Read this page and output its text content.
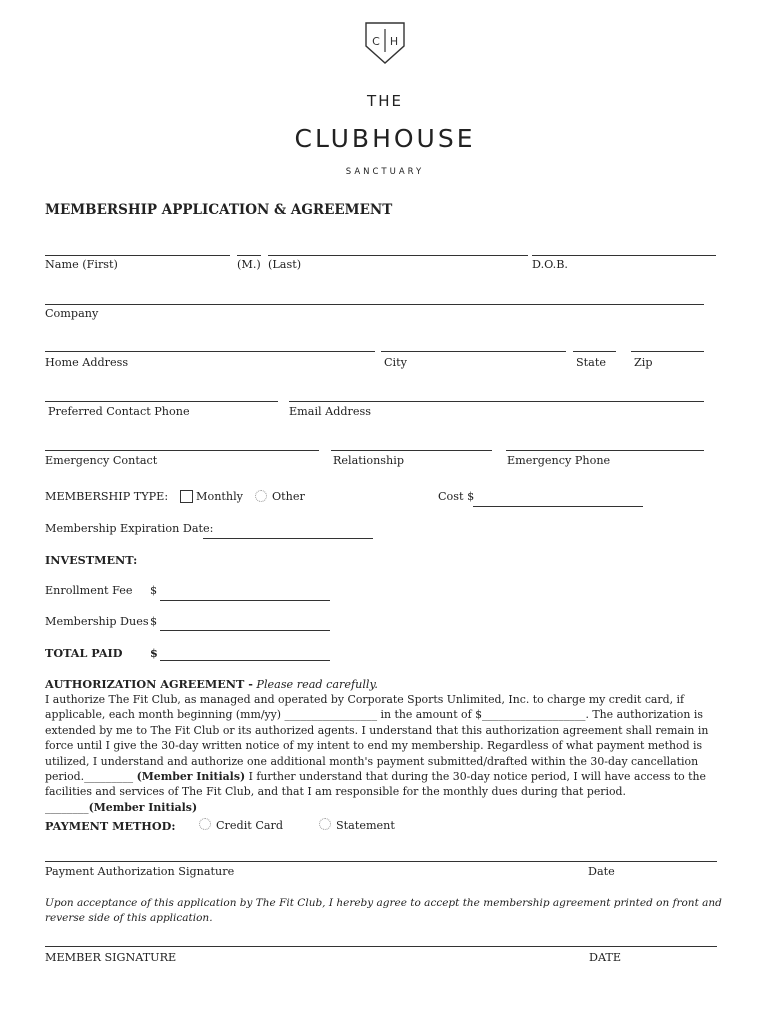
C H
THE
CLUBHOUSE
SANCTUARY
MEMBERSHIP APPLICATION & AGREEMENT
Name (First)	(M.) (Last)	D.O.B.
Company
Home Address	City	State	Zip
Preferred Contact Phone	Email Address
Emergency Contact	Relationship	Emergency Phone
MEMBERSHIP TYPE: Monthly	Other	Cost $
Membership Expiration Date:
INVESTMENT:
Enrollment Fee $
Membership Dues $
TOTAL PAID $
AUTHORIZATION AGREEMENT - Please read carefully.
I authorize The Fit Club, as managed and operated by Corporate Sports Unlimited, Inc. to charge my credit card, if applicable, each month beginning (mm/yy) _________________ in the amount of $___________________. The authorization is extended by me to The Fit Club or its authorized agents. I understand that this authorization agreement shall remain in force until I give the 30-day written notice of my intent to end my membership. Regardless of what payment method is utilized, I understand and authorize one additional month's payment submitted/drafted within the 30-day cancellation period._________ (Member Initials) I further understand that during the 30-day notice period, I will have access to the facilities and services of The Fit Club, and that I am responsible for the monthly dues during that period. ________(Member Initials)
PAYMENT METHOD:	Credit Card	Statement
Payment Authorization Signature	Date
Upon acceptance of this application by The Fit Club, I hereby agree to accept the membership agreement printed on front and reverse side of this application.
MEMBER SIGNATURE	DATE
